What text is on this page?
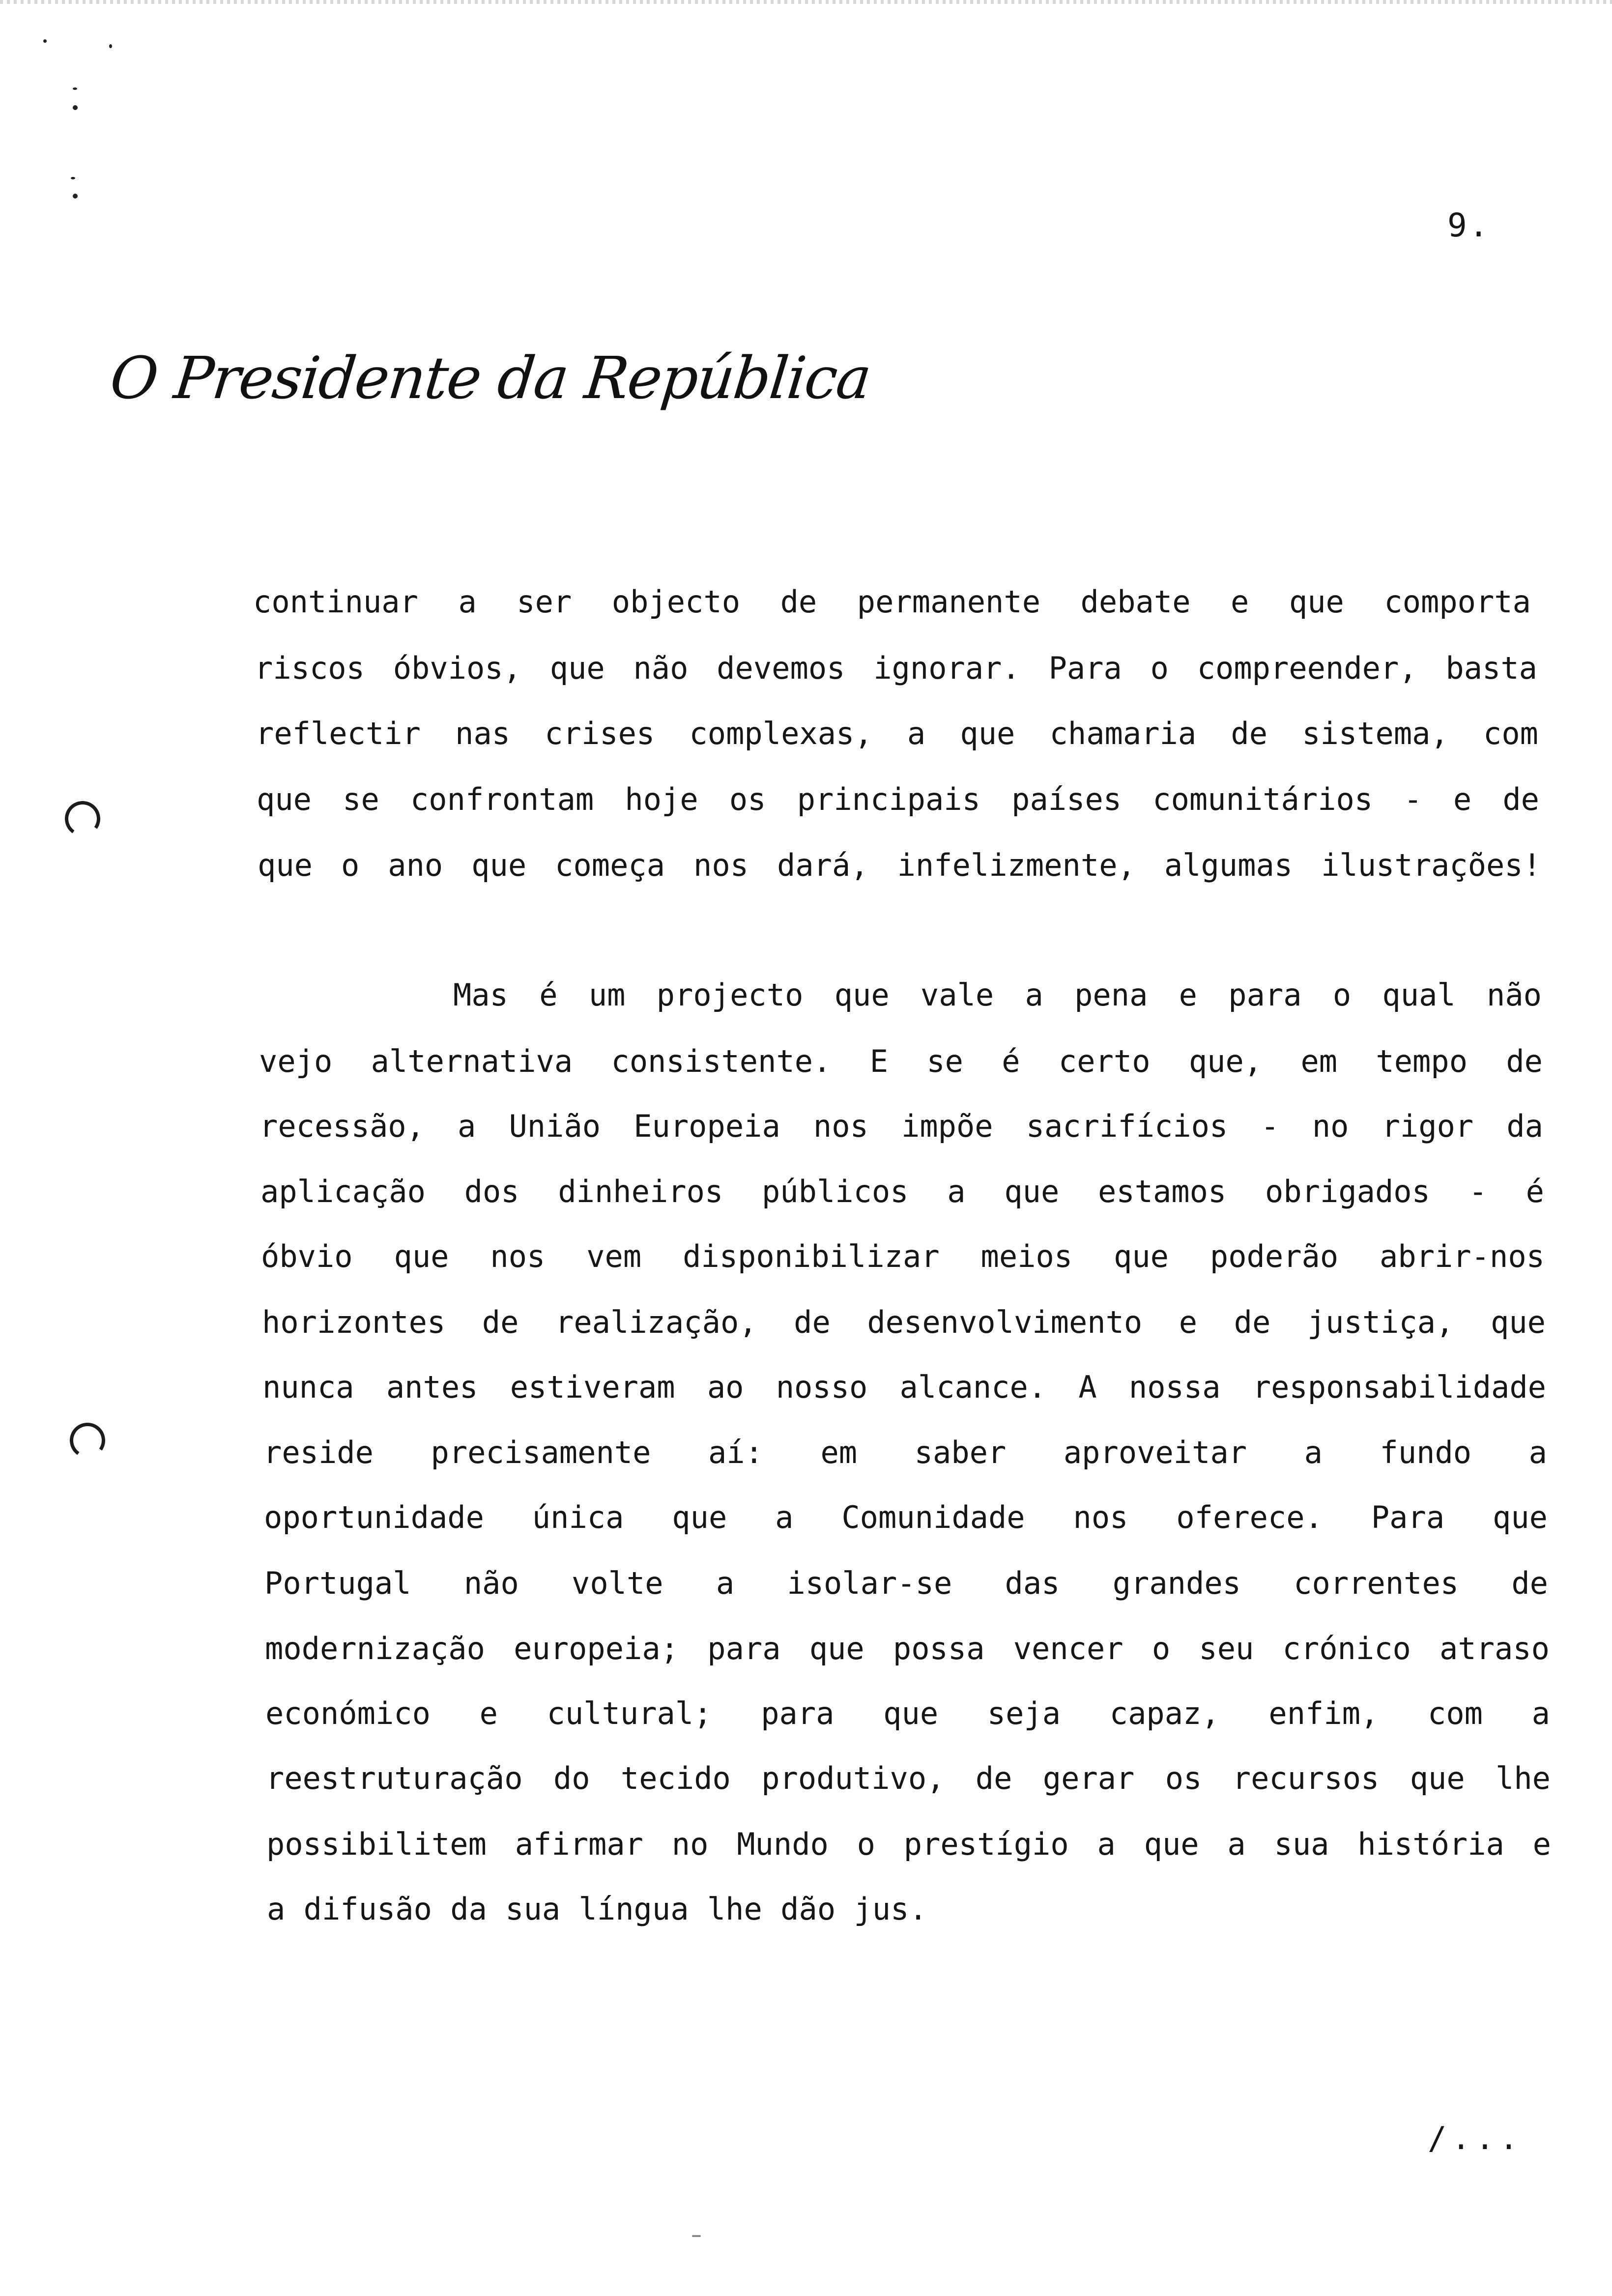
9.

O Presidente da República

continuar a ser objecto de permanente debate e que comporta

riscos óbvios, que não devemos ignorar. Para o compreender, basta

reflectir nas crises complexas, a que chamaria de sistema, com

que se confrontam hoje os principais países comunitários - e de

que o ano que começa nos dará, infelizmente, algumas ilustrações!

Mas é um projecto que vale a pena e para o qual não

vejo alternativa consistente. E se é certo que, em tempo de

recessão, a União Europeia nos impõe sacrifícios - no rigor da

aplicação dos dinheiros públicos a que estamos obrigados - é

óbvio que nos vem disponibilizar meios que poderão abrir-nos

horizontes de realização, de desenvolvimento e de justiça, que

nunca antes estiveram ao nosso alcance. A nossa responsabilidade

reside precisamente aí: em saber aproveitar a fundo a

oportunidade única que a Comunidade nos oferece. Para que

Portugal não volte a isolar-se das grandes correntes de

modernização europeia; para que possa vencer o seu crónico atraso

económico e cultural; para que seja capaz, enfim, com a

reestruturação do tecido produtivo, de gerar os recursos que lhe

possibilitem afirmar no Mundo o prestígio a que a sua história e

a difusão da sua língua lhe dão jus.

/...
